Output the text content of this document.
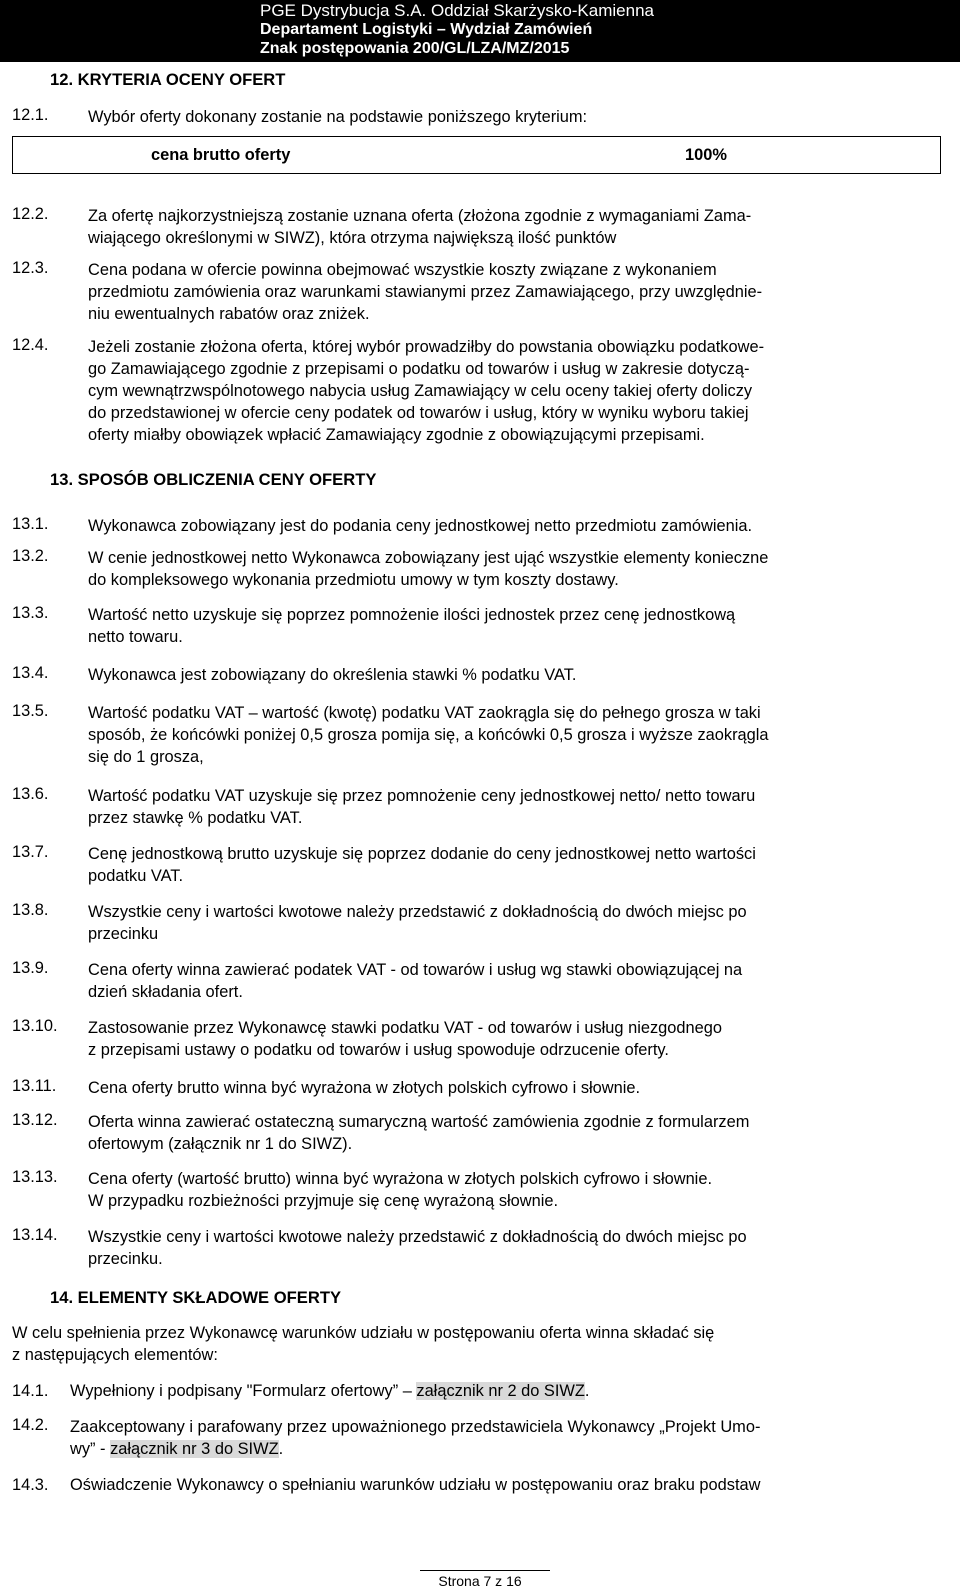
PGE Dystrybucja S.A. Oddział Skarżysko-Kamienna
Departament Logistyki – Wydział Zamówień
Znak postępowania 200/GL/LZA/MZ/2015
12. KRYTERIA OCENY OFERT
12.1.	Wybór oferty dokonany zostanie na podstawie poniższego kryterium:
cena brutto oferty	100%
12.2.	Za ofertę najkorzystniejszą zostanie uznana oferta (złożona zgodnie z wymaganiami Zama-
wiającego określonymi w SIWZ), która otrzyma największą ilość punktów
12.3.	Cena podana w ofercie powinna obejmować wszystkie koszty związane z wykonaniem
przedmiotu zamówienia oraz warunkami stawianymi przez Zamawiającego, przy uwzględnie-
niu ewentualnych rabatów oraz zniżek.
12.4.	Jeżeli zostanie złożona oferta, której wybór prowadziłby do powstania obowiązku podatkowe-
go Zamawiającego zgodnie z przepisami o podatku od towarów i usług w zakresie dotyczą-
cym wewnątrzwspólnotowego nabycia usług Zamawiający w celu oceny takiej oferty doliczy
do przedstawionej w ofercie ceny podatek od towarów i usług, który w wyniku wyboru takiej
oferty miałby obowiązek wpłacić Zamawiający zgodnie z obowiązującymi przepisami.
13. SPOSÓB OBLICZENIA CENY OFERTY
13.1.	Wykonawca zobowiązany jest do podania ceny jednostkowej netto przedmiotu zamówienia.
13.2.	W cenie jednostkowej netto Wykonawca zobowiązany jest ująć wszystkie elementy konieczne
do kompleksowego wykonania przedmiotu umowy w tym koszty dostawy.
13.3.	Wartość netto uzyskuje się poprzez pomnożenie ilości jednostek przez cenę jednostkową
netto towaru.
13.4.	Wykonawca jest zobowiązany do określenia stawki % podatku VAT.
13.5.	Wartość podatku VAT – wartość (kwotę) podatku VAT zaokrągla się do pełnego grosza w taki
sposób, że końcówki poniżej 0,5 grosza pomija się, a końcówki 0,5 grosza i wyższe zaokrągla
się do 1 grosza,
13.6.	Wartość podatku VAT uzyskuje się przez pomnożenie ceny jednostkowej netto/ netto towaru
przez stawkę % podatku VAT.
13.7.	Cenę jednostkową brutto uzyskuje się poprzez dodanie do ceny jednostkowej netto wartości
podatku VAT.
13.8.	Wszystkie ceny i wartości kwotowe należy przedstawić z dokładnością do dwóch miejsc po
przecinku
13.9.	Cena oferty winna zawierać podatek VAT - od towarów i usług wg stawki obowiązującej na
dzień składania ofert.
13.10.	Zastosowanie przez Wykonawcę stawki podatku VAT - od towarów i usług niezgodnego
z przepisami ustawy o podatku od towarów i usług spowoduje odrzucenie oferty.
13.11.	Cena oferty brutto winna być wyrażona w złotych polskich cyfrowo i słownie.
13.12.	Oferta winna zawierać ostateczną sumaryczną wartość zamówienia zgodnie z formularzem
ofertowym (załącznik nr 1 do SIWZ).
13.13.	Cena oferty (wartość brutto) winna być wyrażona w złotych polskich cyfrowo i słownie.
W przypadku rozbieżności przyjmuje się cenę wyrażoną słownie.
13.14.	Wszystkie ceny i wartości kwotowe należy przedstawić z dokładnością do dwóch miejsc po
przecinku.
14. ELEMENTY SKŁADOWE OFERTY
W celu spełnienia przez Wykonawcę warunków udziału w postępowaniu oferta winna składać się
z następujących elementów:
14.1.	Wypełniony i podpisany "Formularz ofertowy” – załącznik nr 2 do SIWZ.
14.2.	Zaakceptowany i parafowany przez upoważnionego przedstawiciela Wykonawcy „Projekt Umo-
wy” - załącznik nr 3 do SIWZ.
14.3.	Oświadczenie Wykonawcy o spełnianiu warunków udziału w postępowaniu oraz braku podstaw
Strona 7 z 16
